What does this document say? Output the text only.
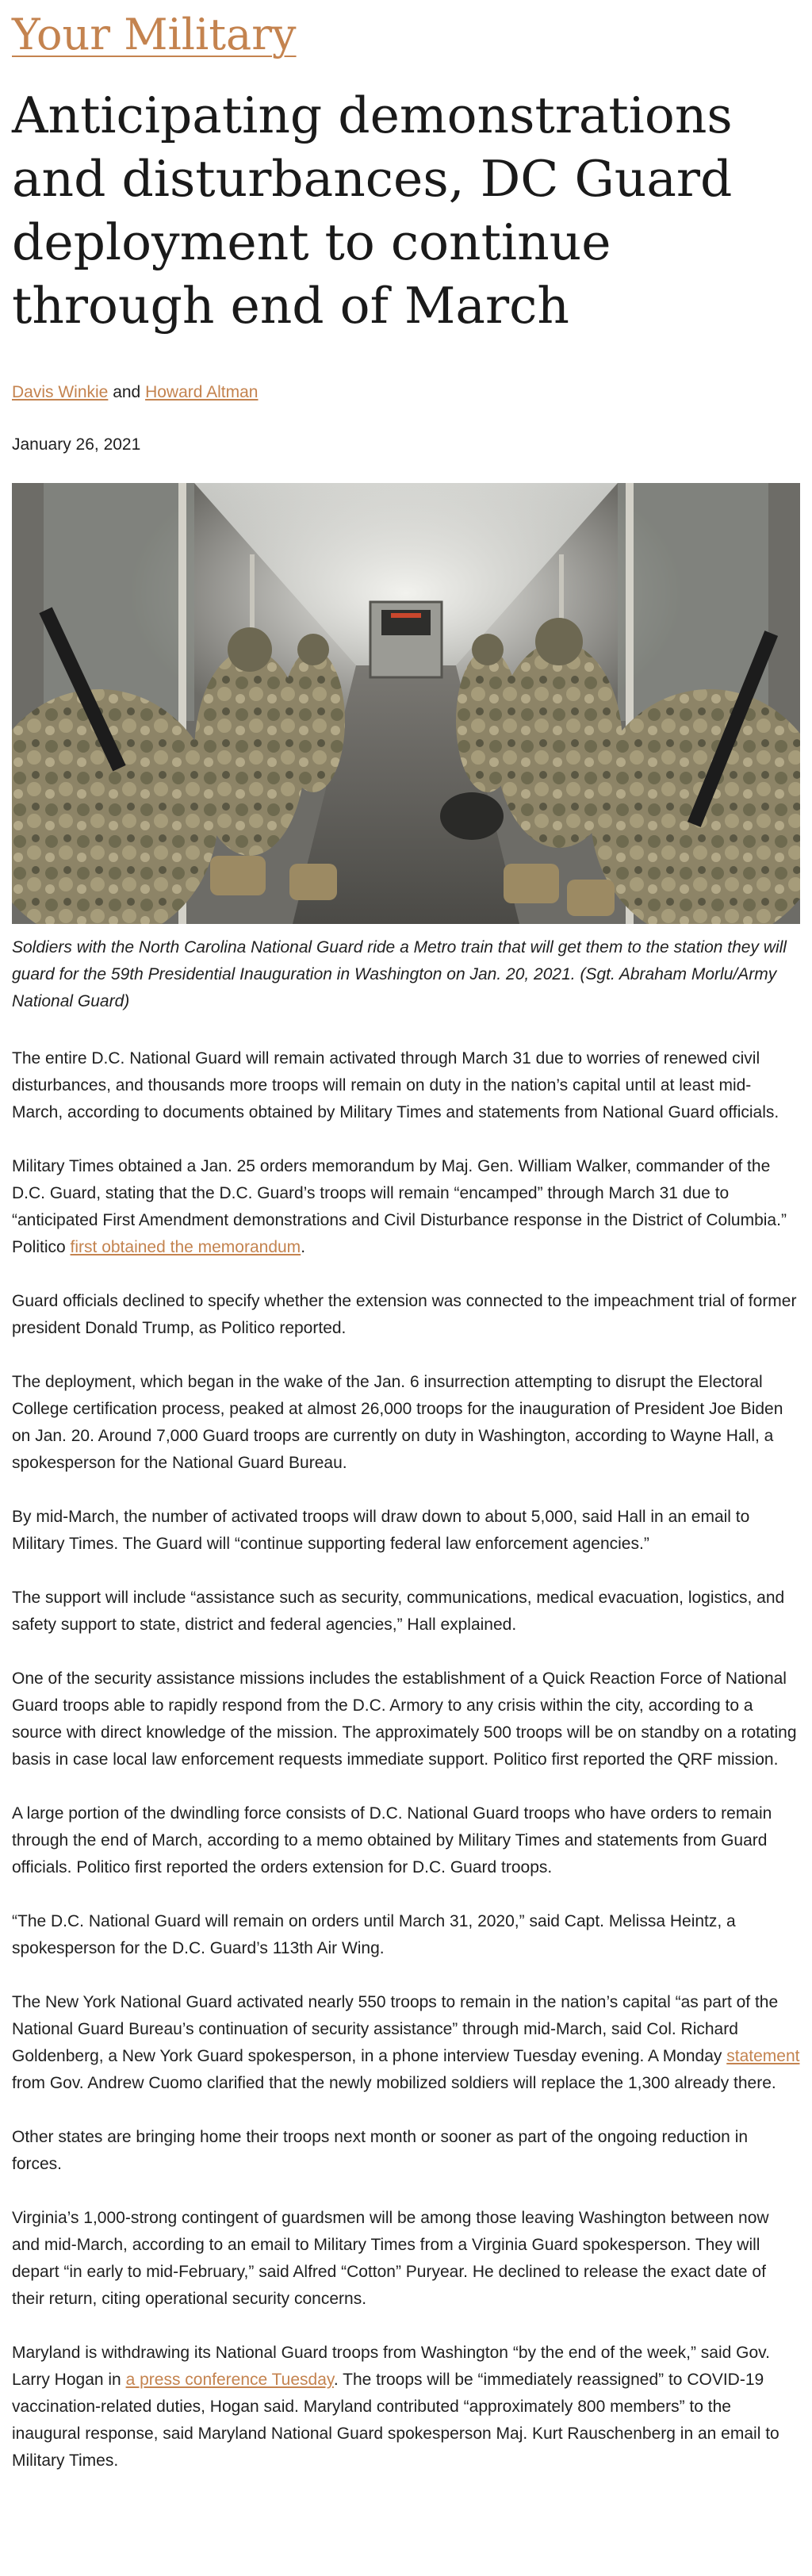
Your Military
Anticipating demonstrations and disturbances, DC Guard deployment to continue through end of March
Davis Winkie and Howard Altman
January 26, 2021
Soldiers with the North Carolina National Guard ride a Metro train that will get them to the station they will guard for the 59th Presidential Inauguration in Washington on Jan. 20, 2021. (Sgt. Abraham Morlu/Army National Guard)

The entire D.C. National Guard will remain activated through March 31 due to worries of renewed civil disturbances, and thousands more troops will remain on duty in the nation’s capital until at least mid-March, according to documents obtained by Military Times and statements from National Guard officials.

Military Times obtained a Jan. 25 orders memorandum by Maj. Gen. William Walker, commander of the D.C. Guard, stating that the D.C. Guard’s troops will remain “encamped” through March 31 due to “anticipated First Amendment demonstrations and Civil Disturbance response in the District of Columbia.” Politico first obtained the memorandum.

Guard officials declined to specify whether the extension was connected to the impeachment trial of former president Donald Trump, as Politico reported.

The deployment, which began in the wake of the Jan. 6 insurrection attempting to disrupt the Electoral College certification process, peaked at almost 26,000 troops for the inauguration of President Joe Biden on Jan. 20. Around 7,000 Guard troops are currently on duty in Washington, according to Wayne Hall, a spokesperson for the National Guard Bureau.

By mid-March, the number of activated troops will draw down to about 5,000, said Hall in an email to Military Times. The Guard will “continue supporting federal law enforcement agencies.”

The support will include “assistance such as security, communications, medical evacuation, logistics, and safety support to state, district and federal agencies,” Hall explained.

One of the security assistance missions includes the establishment of a Quick Reaction Force of National Guard troops able to rapidly respond from the D.C. Armory to any crisis within the city, according to a source with direct knowledge of the mission. The approximately 500 troops will be on standby on a rotating basis in case local law enforcement requests immediate support. Politico first reported the QRF mission.

A large portion of the dwindling force consists of D.C. National Guard troops who have orders to remain through the end of March, according to a memo obtained by Military Times and statements from Guard officials. Politico first reported the orders extension for D.C. Guard troops.

“The D.C. National Guard will remain on orders until March 31, 2020,” said Capt. Melissa Heintz, a spokesperson for the D.C. Guard’s 113th Air Wing.

The New York National Guard activated nearly 550 troops to remain in the nation’s capital “as part of the National Guard Bureau’s continuation of security assistance” through mid-March, said Col. Richard Goldenberg, a New York Guard spokesperson, in a phone interview Tuesday evening. A Monday statement from Gov. Andrew Cuomo clarified that the newly mobilized soldiers will replace the 1,300 already there.

Other states are bringing home their troops next month or sooner as part of the ongoing reduction in forces.

Virginia’s 1,000-strong contingent of guardsmen will be among those leaving Washington between now and mid-March, according to an email to Military Times from a Virginia Guard spokesperson. They will depart “in early to mid-February,” said Alfred “Cotton” Puryear. He declined to release the exact date of their return, citing operational security concerns.

Maryland is withdrawing its National Guard troops from Washington “by the end of the week,” said Gov. Larry Hogan in a press conference Tuesday. The troops will be “immediately reassigned” to COVID-19 vaccination-related duties, Hogan said. Maryland contributed “approximately 800 members” to the inaugural response, said Maryland National Guard spokesperson Maj. Kurt Rauschenberg in an email to Military Times.
